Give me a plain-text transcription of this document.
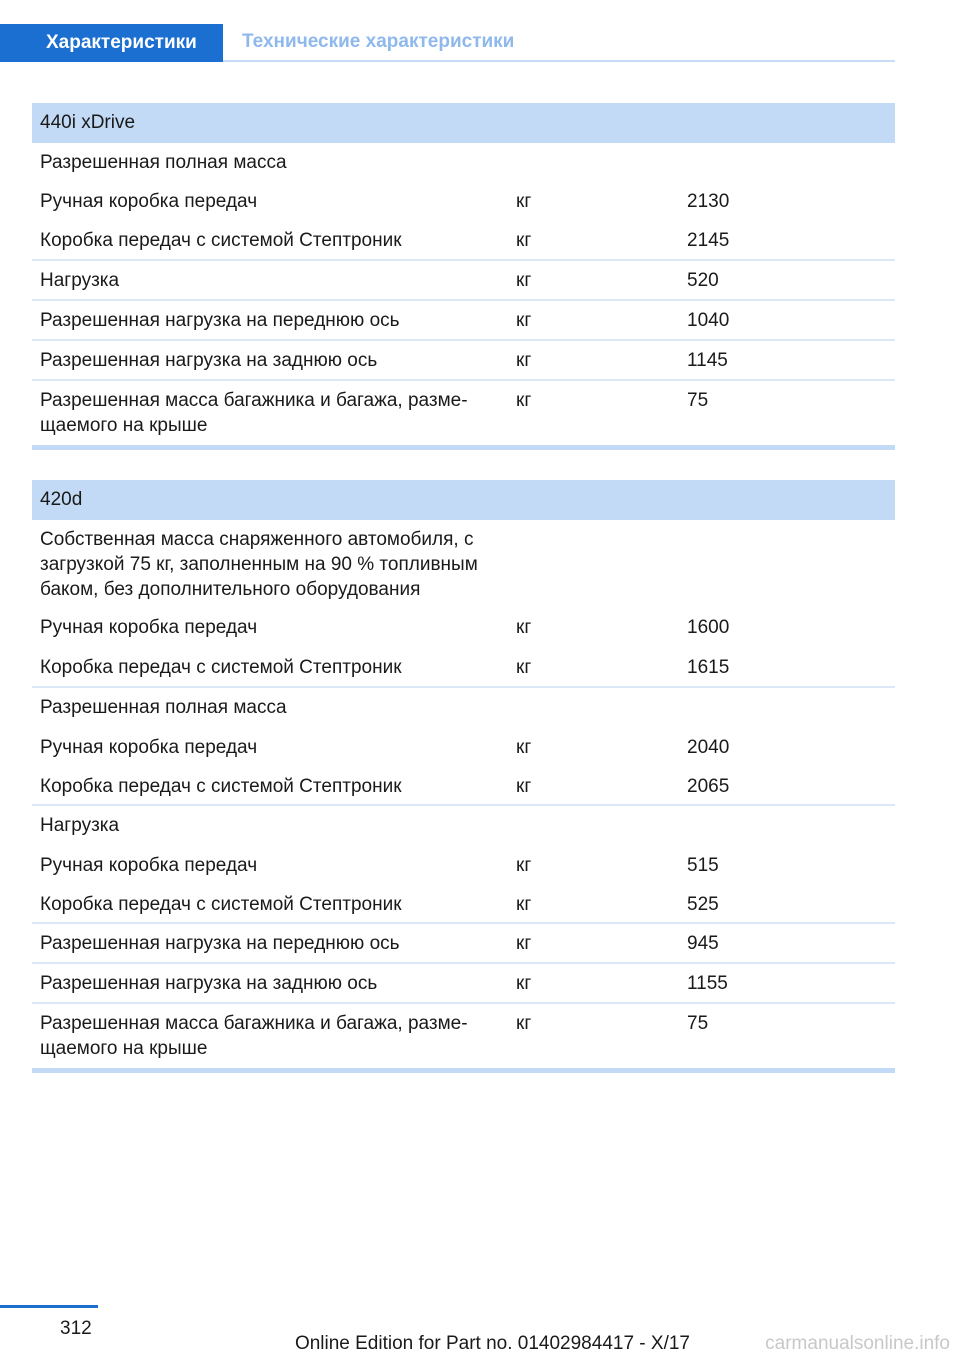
Характеристики	Технические характеристики
440i xDrive
Разрешенная полная масса
Ручная коробка передач	кг	2130
Коробка передач с системой Стептроник	кг	2145
Нагрузка	кг	520
Разрешенная нагрузка на переднюю ось	кг	1040
Разрешенная нагрузка на заднюю ось	кг	1145
Разрешенная масса багажника и багажа, разме‐
щаемого на крыше
кг	75
420d
Собственная масса снаряженного автомобиля, с
загрузкой 75 кг, заполненным на 90 % топливным
баком, без дополнительного оборудования
Ручная коробка передач	кг	1600
Коробка передач с системой Стептроник	кг	1615
Разрешенная полная масса
Ручная коробка передач	кг	2040
Коробка передач с системой Стептроник	кг	2065
Нагрузка
Ручная коробка передач	кг	515
Коробка передач с системой Стептроник	кг	525
Разрешенная нагрузка на переднюю ось	кг	945
Разрешенная нагрузка на заднюю ось	кг	1155
Разрешенная масса багажника и багажа, разме‐
щаемого на крыше
кг	75
312
Online Edition for Part no. 01402984417 - X/17	carmanualsonline.info
